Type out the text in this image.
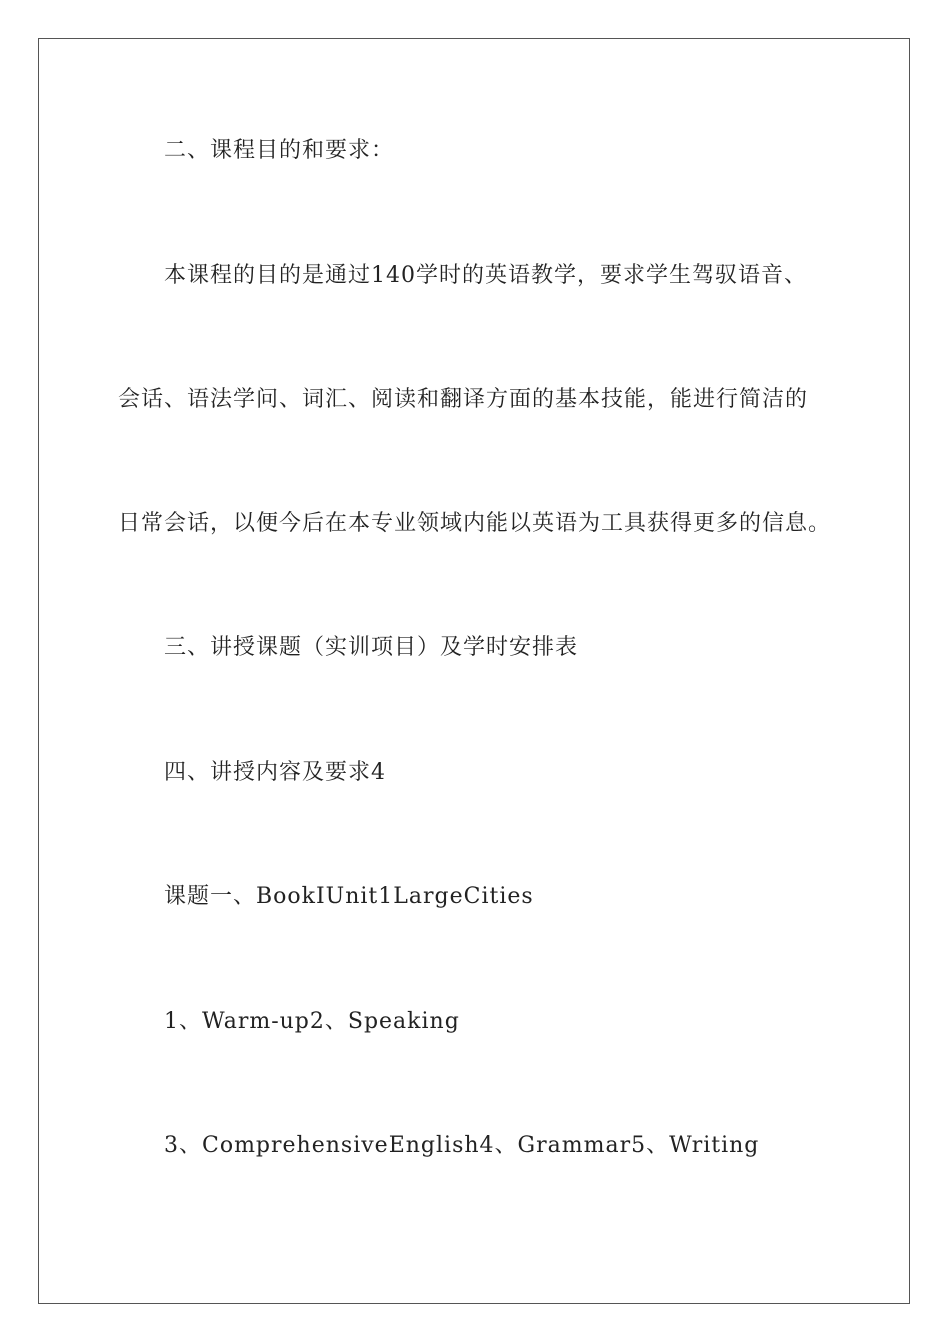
二、课程目的和要求：
本课程的目的是通过140学时的英语教学，要求学生驾驭语音、
会话、语法学问、词汇、阅读和翻译方面的基本技能，能进行简洁的
日常会话，以便今后在本专业领域内能以英语为工具获得更多的信息。
三、讲授课题（实训项目）及学时安排表
四、讲授内容及要求4
课题一、BookIUnit1LargeCities
1、Warm-up2、Speaking
3、ComprehensiveEnglish4、Grammar5、Writing
